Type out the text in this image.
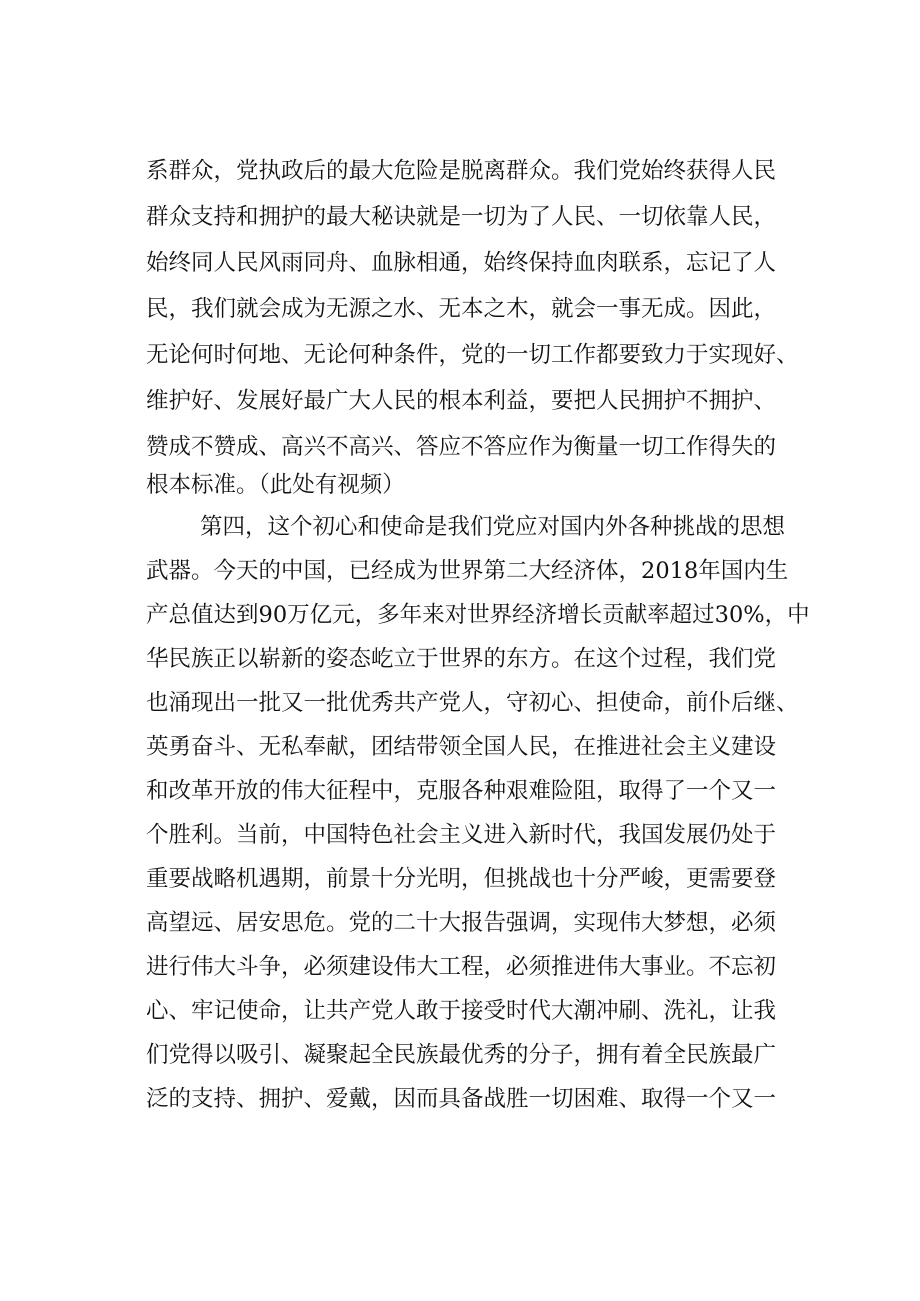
系群众，党执政后的最大危险是脱离群众。我们党始终获得人民
群众支持和拥护的最大秘诀就是一切为了人民、一切依靠人民，
始终同人民风雨同舟、血脉相通，始终保持血肉联系，忘记了人
民，我们就会成为无源之水、无本之木，就会一事无成。因此，
无论何时何地、无论何种条件，党的一切工作都要致力于实现好、
维护好、发展好最广大人民的根本利益，要把人民拥护不拥护、
赞成不赞成、高兴不高兴、答应不答应作为衡量一切工作得失的
根本标准。（此处有视频）
第四，这个初心和使命是我们党应对国内外各种挑战的思想
武器。今天的中国，已经成为世界第二大经济体，2018年国内生
产总值达到90万亿元，多年来对世界经济增长贡献率超过30%，中
华民族正以崭新的姿态屹立于世界的东方。在这个过程，我们党
也涌现出一批又一批优秀共产党人，守初心、担使命，前仆后继、
英勇奋斗、无私奉献，团结带领全国人民，在推进社会主义建设
和改革开放的伟大征程中，克服各种艰难险阻，取得了一个又一
个胜利。当前，中国特色社会主义进入新时代，我国发展仍处于
重要战略机遇期，前景十分光明，但挑战也十分严峻，更需要登
高望远、居安思危。党的二十大报告强调，实现伟大梦想，必须
进行伟大斗争，必须建设伟大工程，必须推进伟大事业。不忘初
心、牢记使命，让共产党人敢于接受时代大潮冲刷、洗礼，让我
们党得以吸引、凝聚起全民族最优秀的分子，拥有着全民族最广
泛的支持、拥护、爱戴，因而具备战胜一切困难、取得一个又一
